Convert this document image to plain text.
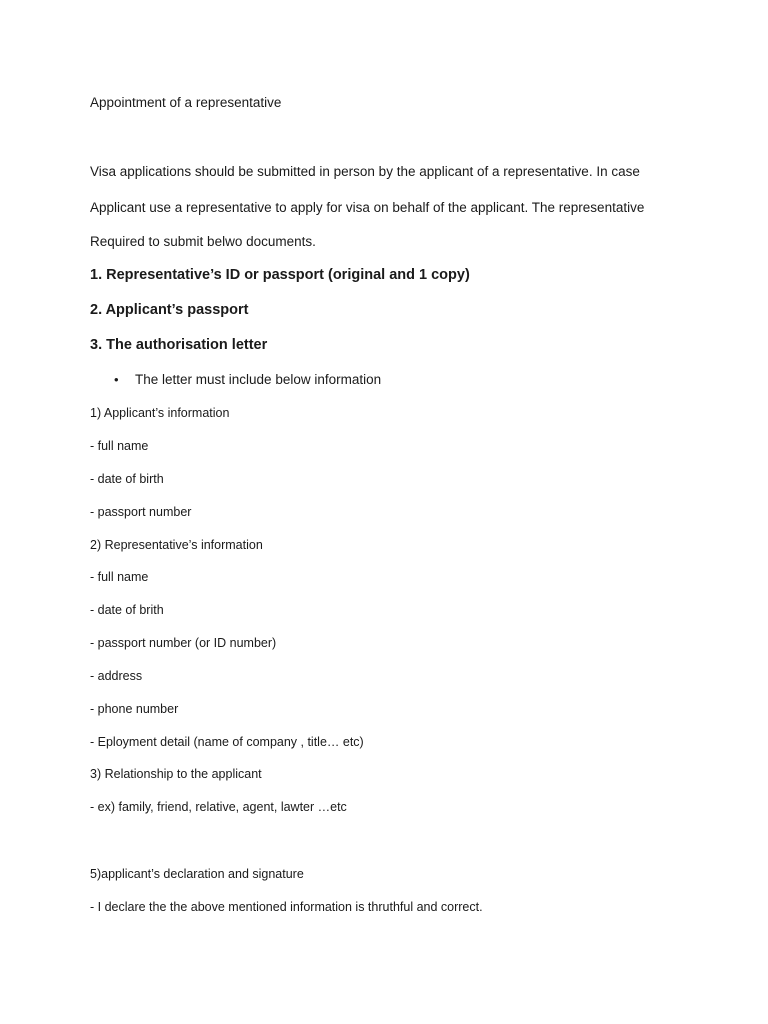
Appointment of a representative
Visa applications should be submitted in person by the applicant of a representative. In case
Applicant use a representative to apply for visa on behalf of the applicant. The representative
Required to submit belwo documents.
1. Representative’s ID or passport (original and 1 copy)
2. Applicant’s passport
3. The authorisation letter
• The letter must include below information
1) Applicant’s information
- full name
- date of birth
- passport number
2) Representative’s information
- full name
- date of brith
- passport number (or ID number)
- address
- phone number
- Eployment detail (name of company , title… etc)
3) Relationship to the applicant
- ex) family, friend, relative, agent, lawter …etc
5)applicant’s declaration and signature
- I declare the the above mentioned information is thruthful and correct.
